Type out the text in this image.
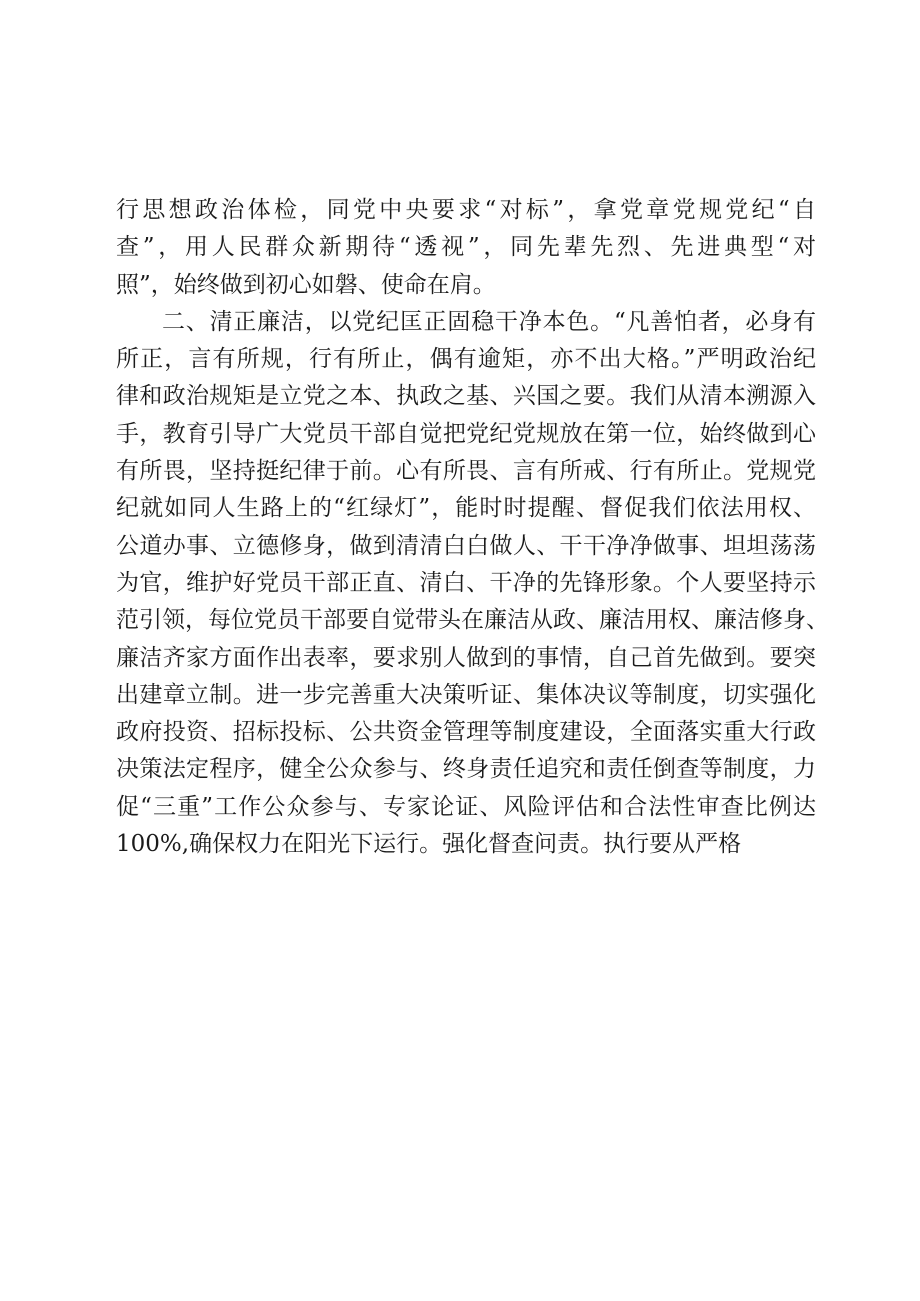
行思想政治体检，同党中央要求“对标”，拿党章党规党纪“自
查”，用人民群众新期待“透视”，同先辈先烈、先进典型“对
照”，始终做到初心如磐、使命在肩。
二、清正廉洁，以党纪匡正固稳干净本色。“凡善怕者，必身有
所正，言有所规，行有所止，偶有逾矩，亦不出大格。”严明政治纪
律和政治规矩是立党之本、执政之基、兴国之要。我们从清本溯源入
手，教育引导广大党员干部自觉把党纪党规放在第一位，始终做到心
有所畏，坚持挺纪律于前。心有所畏、言有所戒、行有所止。党规党
纪就如同人生路上的“红绿灯”，能时时提醒、督促我们依法用权、
公道办事、立德修身，做到清清白白做人、干干净净做事、坦坦荡荡
为官，维护好党员干部正直、清白、干净的先锋形象。个人要坚持示
范引领，每位党员干部要自觉带头在廉洁从政、廉洁用权、廉洁修身、
廉洁齐家方面作出表率，要求别人做到的事情，自己首先做到。要突
出建章立制。进一步完善重大决策听证、集体决议等制度，切实强化
政府投资、招标投标、公共资金管理等制度建设，全面落实重大行政
决策法定程序，健全公众参与、终身责任追究和责任倒查等制度，力
促“三重”工作公众参与、专家论证、风险评估和合法性审查比例达
100%,确保权力在阳光下运行。强化督查问责。执行要从严格
